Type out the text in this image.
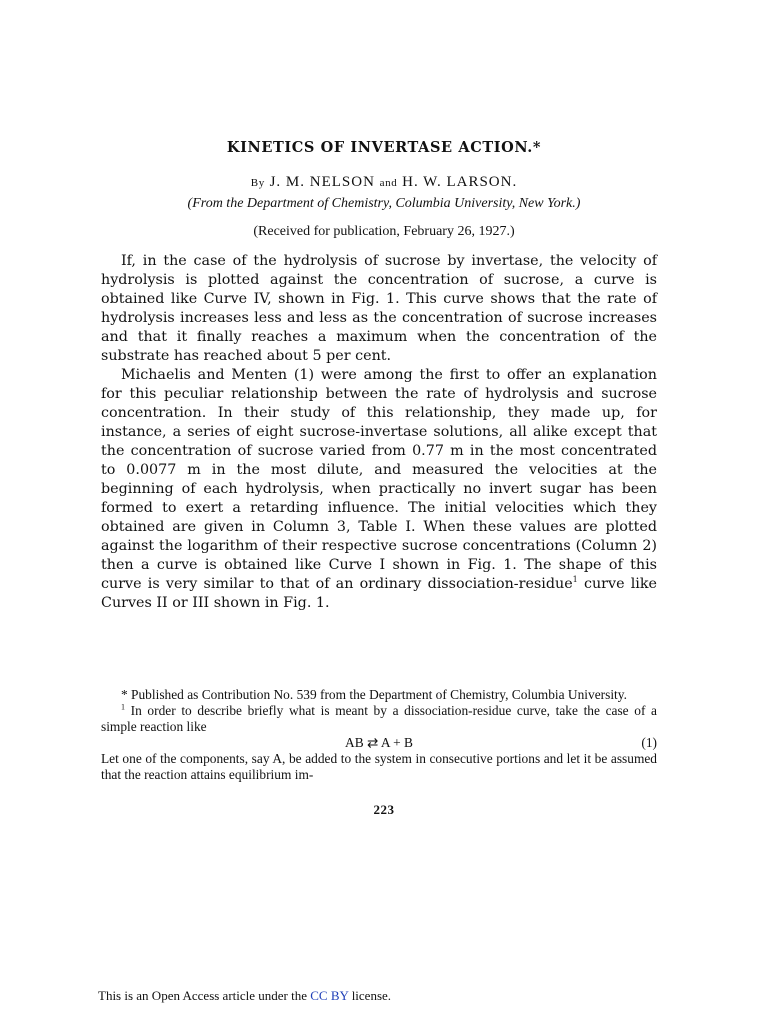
KINETICS OF INVERTASE ACTION.*
By J. M. NELSON and H. W. LARSON.
(From the Department of Chemistry, Columbia University, New York.)
(Received for publication, February 26, 1927.)

If, in the case of the hydrolysis of sucrose by invertase, the velocity of hydrolysis is plotted against the concentration of sucrose, a curve is obtained like Curve IV, shown in Fig. 1. This curve shows that the rate of hydrolysis increases less and less as the concentration of sucrose increases and that it finally reaches a maximum when the concentration of the substrate has reached about 5 per cent.

Michaelis and Menten (1) were among the first to offer an explanation for this peculiar relationship between the rate of hydrolysis and sucrose concentration. In their study of this relationship, they made up, for instance, a series of eight sucrose-invertase solutions, all alike except that the concentration of sucrose varied from 0.77 m in the most concentrated to 0.0077 m in the most dilute, and measured the velocities at the beginning of each hydrolysis, when practically no invert sugar has been formed to exert a retarding influence. The initial velocities which they obtained are given in Column 3, Table I. When these values are plotted against the logarithm of their respective sucrose concentrations (Column 2) then a curve is obtained like Curve I shown in Fig. 1. The shape of this curve is very similar to that of an ordinary dissociation-residue$^1$ curve like Curves II or III shown in Fig. 1.

* Published as Contribution No. 539 from the Department of Chemistry, Columbia University.

$^1$ In order to describe briefly what is meant by a dissociation-residue curve, take the case of a simple reaction like

AB ⇄ A + B	(1)

Let one of the components, say A, be added to the system in consecutive portions and let it be assumed that the reaction attains equilibrium im-

223
This is an Open Access article under the CC BY license.
